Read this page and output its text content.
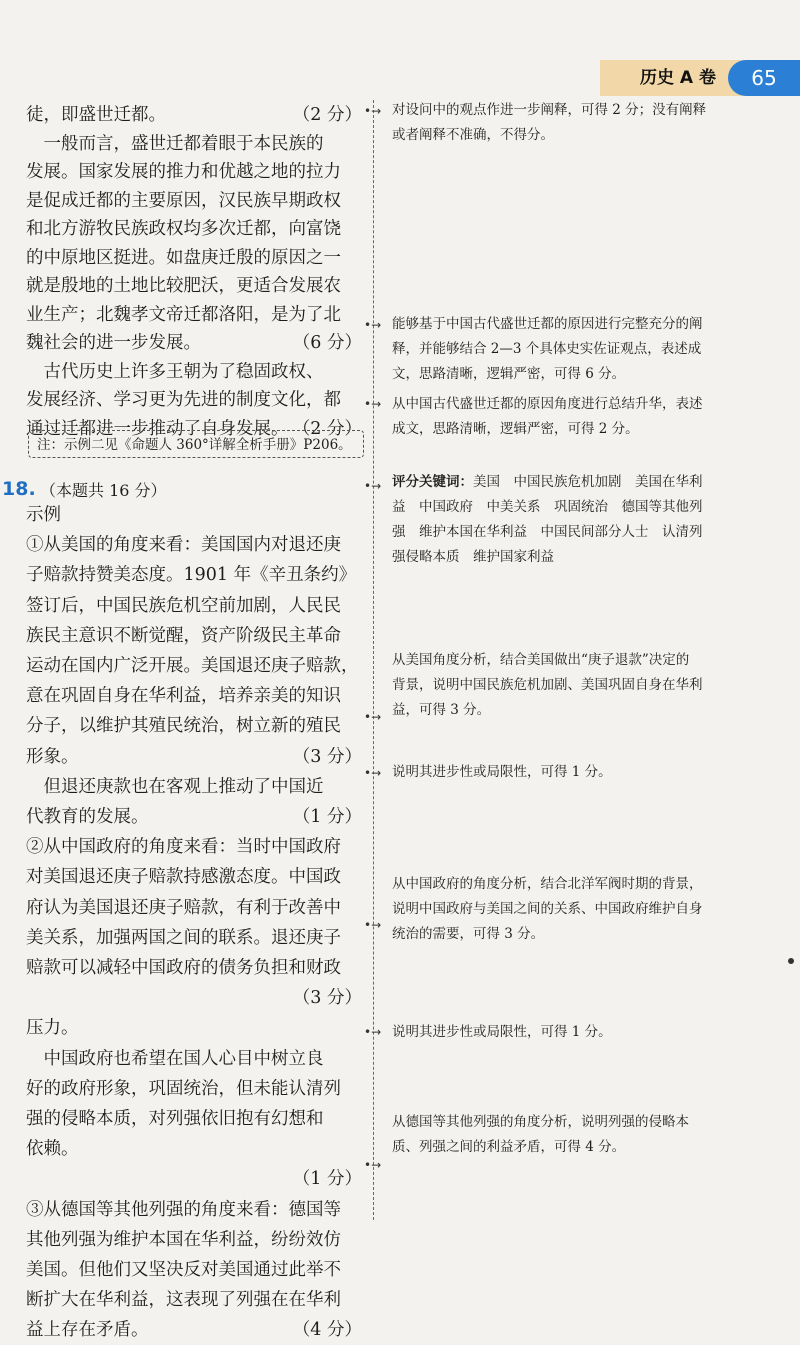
历史 A 卷	65

徒，即盛世迁都。	（2 分）

　一般而言，盛世迁都着眼于本民族的

发展。国家发展的推力和优越之地的拉力

是促成迁都的主要原因，汉民族早期政权

和北方游牧民族政权均多次迁都，向富饶

的中原地区挺进。如盘庚迁殷的原因之一

就是殷地的土地比较肥沃，更适合发展农

业生产；北魏孝文帝迁都洛阳，是为了北

魏社会的进一步发展。	（6 分）

　古代历史上许多王朝为了稳固政权、

发展经济、学习更为先进的制度文化，都

通过迁都进一步推动了自身发展。 （2 分）

注：示例二见《命题人 360°详解全析手册》P206。
18. （本题共 16 分）

示例

①从美国的角度来看：美国国内对退还庚

子赔款持赞美态度。1901 年《辛丑条约》

签订后，中国民族危机空前加剧，人民民

族民主意识不断觉醒，资产阶级民主革命

运动在国内广泛开展。美国退还庚子赔款，

意在巩固自身在华利益，培养亲美的知识

分子，以维护其殖民统治，树立新的殖民

形象。	（3 分）

　但退还庚款也在客观上推动了中国近

代教育的发展。	（1 分）

②从中国政府的角度来看：当时中国政府

对美国退还庚子赔款持感激态度。中国政

府认为美国退还庚子赔款，有利于改善中

美关系，加强两国之间的联系。退还庚子

赔款可以减轻中国政府的债务负担和财政

（3 分）

压力。

　中国政府也希望在国人心目中树立良

好的政府形象，巩固统治，但未能认清列

强的侵略本质，对列强依旧抱有幻想和

依赖。

（1 分）

③从德国等其他列强的角度来看：德国等

其他列强为维护本国在华利益，纷纷效仿

美国。但他们又坚决反对美国通过此举不

断扩大在华利益，这表现了列强在在华利

益上存在矛盾。	（4 分）

•→ 对设问中的观点作进一步阐释，可得 2 分；没有阐释
或者阐释不准确，不得分。
•→ 能够基于中国古代盛世迁都的原因进行完整充分的阐
释，并能够结合 2—3 个具体史实佐证观点，表述成
文，思路清晰，逻辑严密，可得 6 分。
•→ 从中国古代盛世迁都的原因角度进行总结升华，表述
成文，思路清晰，逻辑严密，可得 2 分。
•→ 评分关键词：美国　中国民族危机加剧　美国在华利
益　中国政府　中美关系　巩固统治　德国等其他列
强　维护本国在华利益　中国民间部分人士　认清列
强侵略本质　维护国家利益
•→
从美国角度分析，结合美国做出“庚子退款”决定的
背景，说明中国民族危机加剧、美国巩固自身在华利
益，可得 3 分。
•→ 说明其进步性或局限性，可得 1 分。
•→
从中国政府的角度分析，结合北洋军阀时期的背景，
说明中国政府与美国之间的关系、中国政府维护自身
统治的需要，可得 3 分。
•→ 说明其进步性或局限性，可得 1 分。
•→
从德国等其他列强的角度分析，说明列强的侵略本
质、列强之间的利益矛盾，可得 4 分。
